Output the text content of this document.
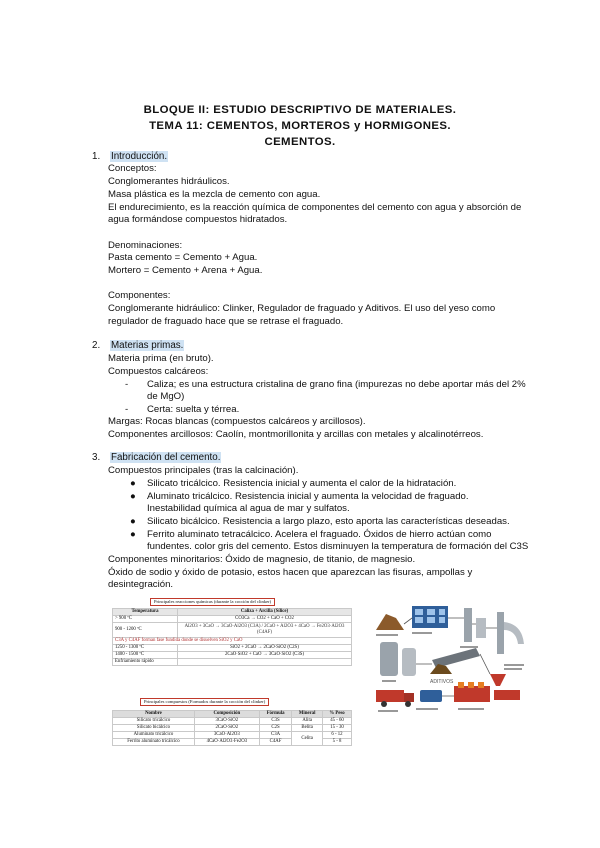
BLOQUE II: ESTUDIO DESCRIPTIVO DE MATERIALES.
TEMA 11: CEMENTOS, MORTEROS y HORMIGONES.
CEMENTOS.
1. Introducción.
Conceptos:
Conglomerantes hidráulicos.
Masa plástica es la mezcla de cemento con agua.
El endurecimiento, es la reacción química de componentes del cemento con agua y absorción de
agua formándose compuestos hidratados.
Denominaciones:
Pasta cemento = Cemento + Agua.
Mortero = Cemento + Arena + Agua.
Componentes:
Conglomerante hidráulico: Clinker, Regulador de fraguado y Aditivos. El uso del yeso como
regulador de fraguado hace que se retrase el fraguado.
2. Materias primas.
Materia prima (en bruto).
Compuestos calcáreos:
- Caliza; es una estructura cristalina de grano fina (impurezas no debe aportar más del 2%
de MgO)
- Certa: suelta y térrea.
Margas: Rocas blancas (compuestos calcáreos y arcillosos).
Componentes arcillosos: Caolín, montmorillonita y arcillas con metales y alcalinotérreos.
3. Fabricación del cemento.
Compuestos principales (tras la calcinación).
● Silicato tricálcico. Resistencia inicial y aumenta el calor de la hidratación.
● Aluminato tricálcico. Resistencia inicial y aumenta la velocidad de fraguado.
Inestabilidad química al agua de mar y sulfatos.
● Silicato bicálcico. Resistencia a largo plazo, esto aporta las características deseadas.
● Ferrito aluminato tetracálcico. Acelera el fraguado. Óxidos de hierro actúan como
fundentes. color gris del cemento. Estos disminuyen la temperatura de formación del C3S
Componentes minoritarios: Óxido de magnesio, de titanio, de magnesio.
Óxido de sodio y óxido de potasio, estos hacen que aparezcan las fisuras, ampollas y
desintegración.
Principales reacciones químicas (durante la cocción del clinker)
Temperatura	Caliza + Arcilla (Sílice)
> 900 ºC	CO3Ca → CO2 + CaO + CO2
900 - 1200 ºC	Al2O3 + 3CaO → 3CaO·Al2O3 (C3A) / 2CaO + Al2O3 + 4CaO → Fe2O3·Al2O3 (C4AF)
C3A y C4AF forman fase fundida donde se disuelven SiO2 y CaO	
1250 - 1300 ºC	SiO2 + 2CaO → 2CaO·SiO2 (C2S)
1400 - 1500 ºC	2CaO·SiO2 + CaO → 3CaO·SiO2 (C3S)
Enfriamiento rápido	
Principales compuestos (Formados durante la cocción del clinker)
Nombre	Composición	Fórmula	Mineral	% Peso
Silicato tricálcico	3CaO·SiO2	C3S	Alita	45 - 60
Silicato bicálcico	2CaO·SiO2	C2S	Belita	15 - 30
Aluminato tricálcico	3CaO·Al2O3	C3A	Celita	6 - 12
Ferrito aluminato tricálcico	4CaO·Al2O3·Fe2O3	C4AF		5 - 8
ADITIVOS
